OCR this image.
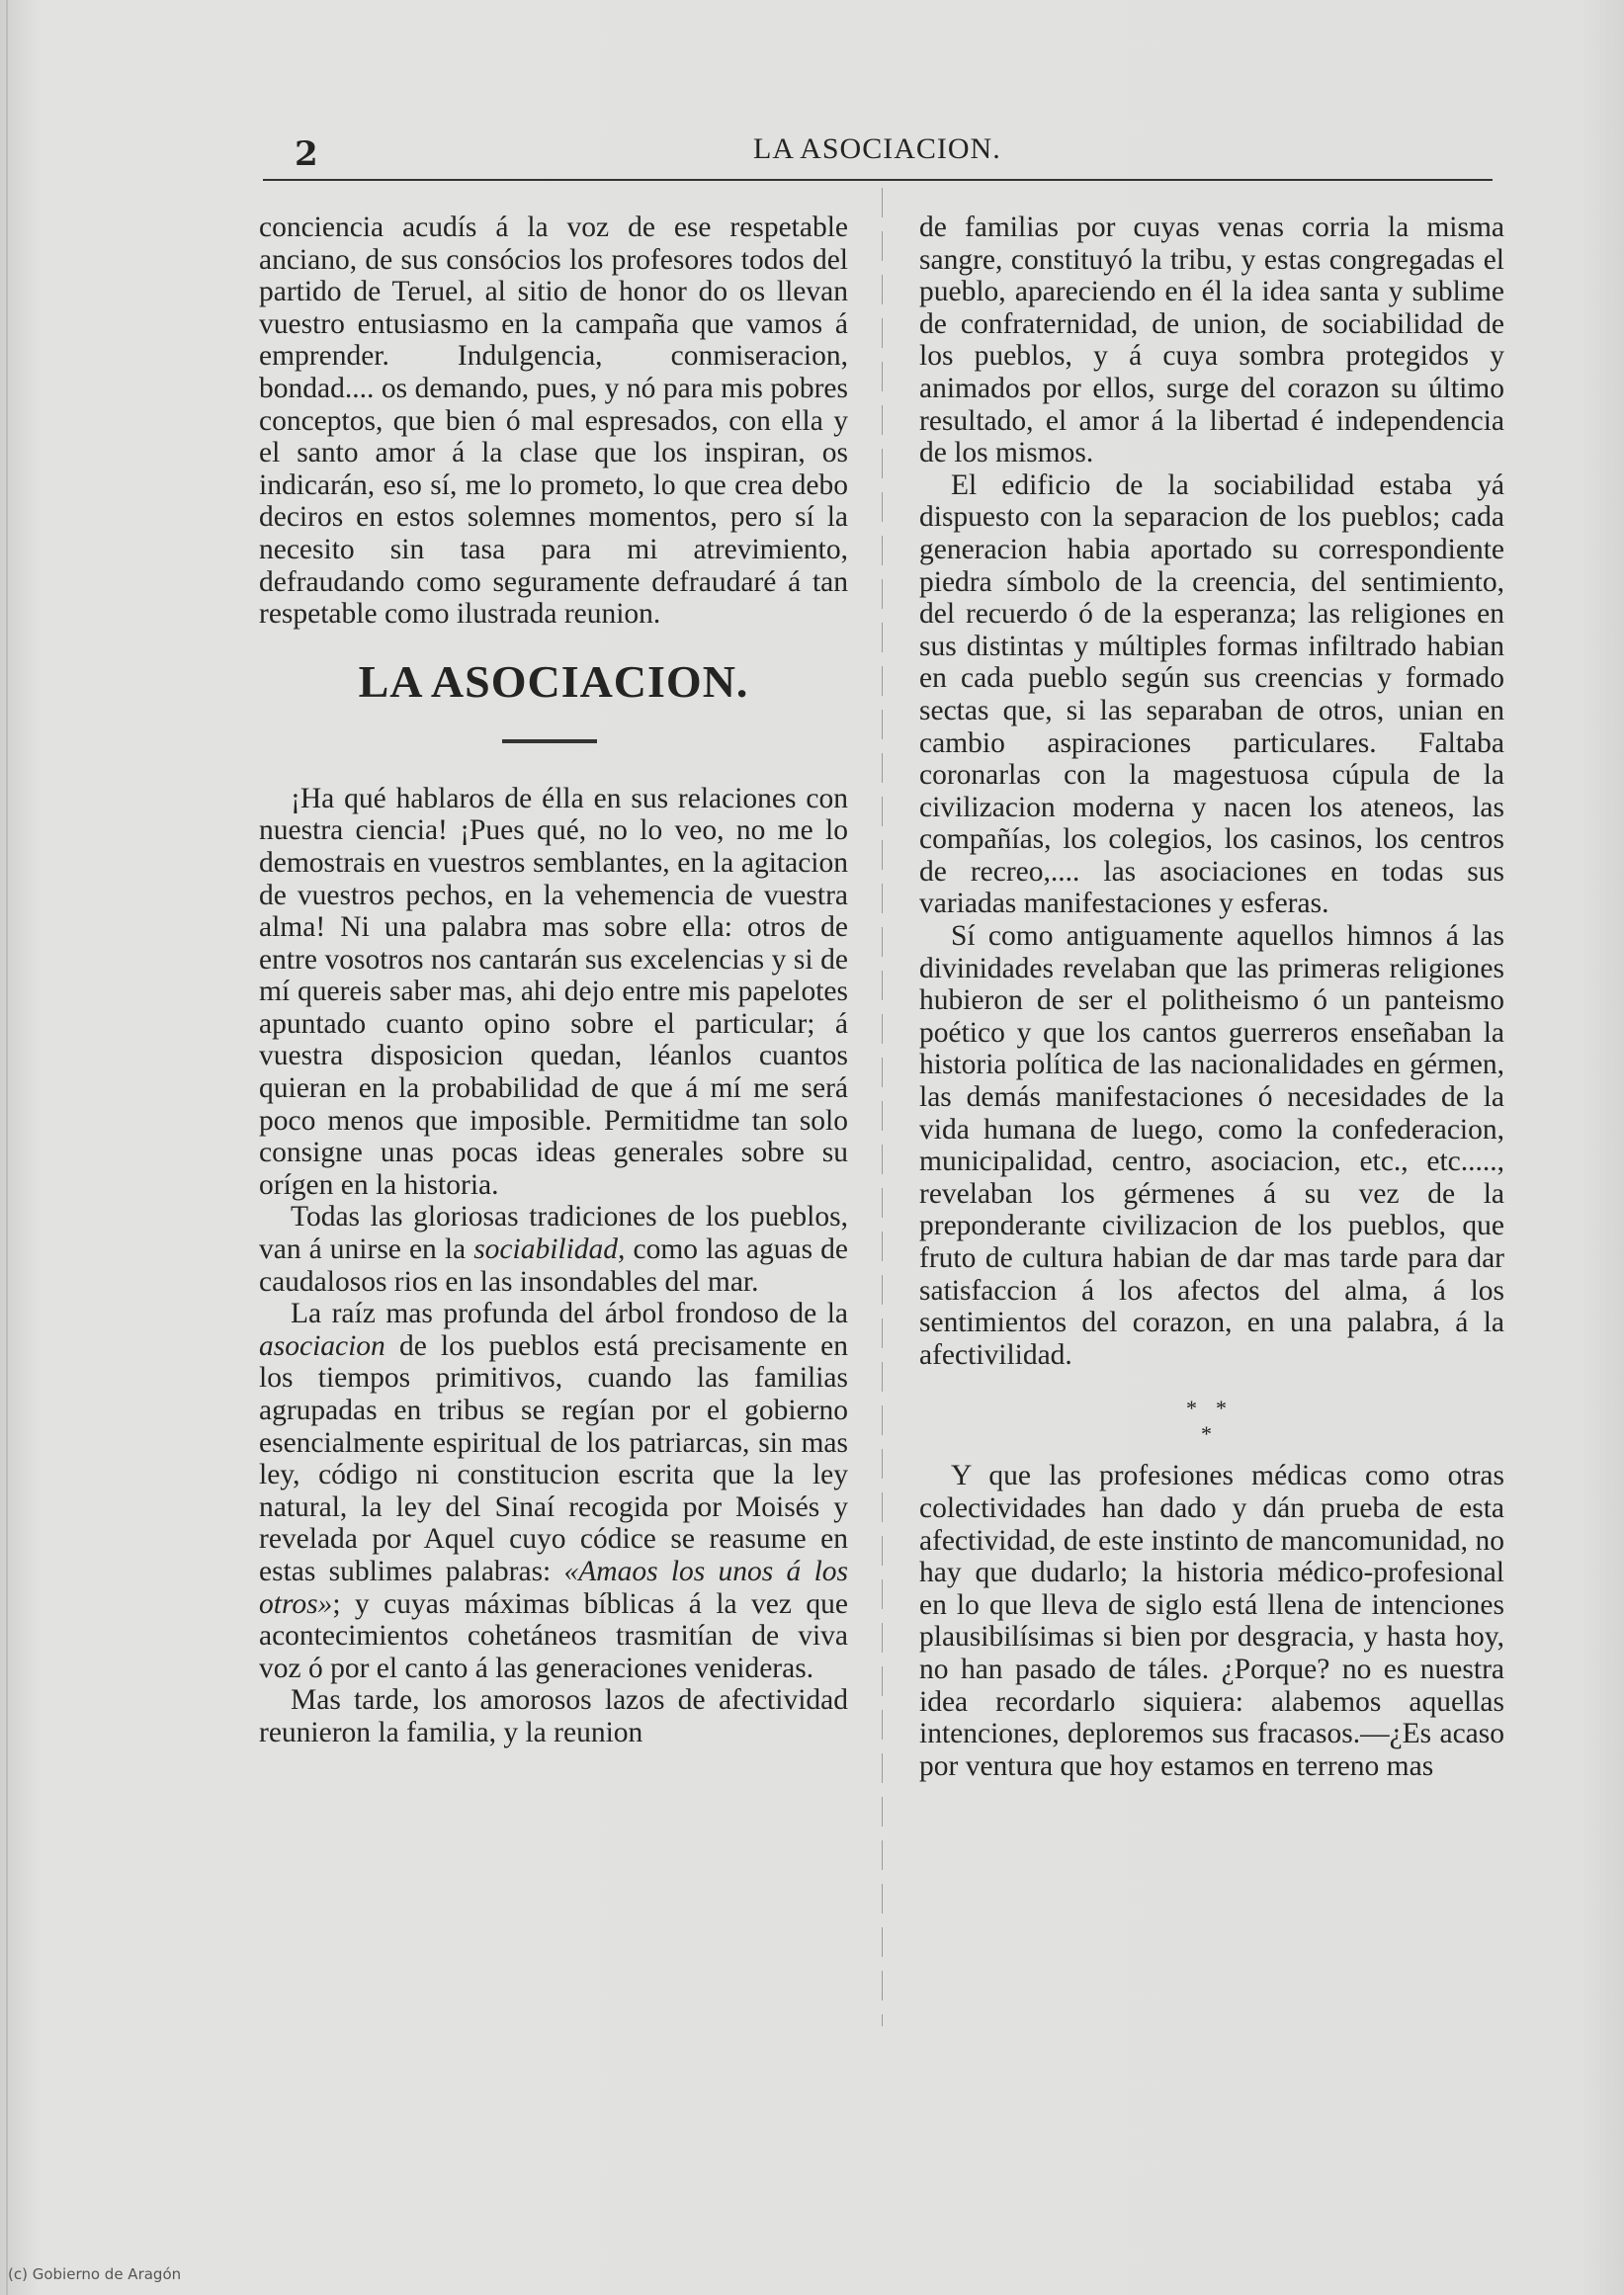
2	LA ASOCIACION.

conciencia acudís á la voz de ese respetable anciano, de sus consócios los profesores todos del partido de Teruel, al sitio de honor do os llevan vuestro entusiasmo en la campaña que vamos á emprender. Indulgencia, conmiseracion, bondad.... os demando, pues, y nó para mis pobres conceptos, que bien ó mal espresados, con ella y el santo amor á la clase que los inspiran, os indicarán, eso sí, me lo prometo, lo que crea debo deciros en estos solemnes momentos, pero sí la necesito sin tasa para mi atrevimiento, defraudando como seguramente defraudaré á tan respetable como ilustrada reunion.

LA ASOCIACION.

¡Ha qué hablaros de élla en sus relaciones con nuestra ciencia! ¡Pues qué, no lo veo, no me lo demostrais en vuestros semblantes, en la agitacion de vuestros pechos, en la vehemencia de vuestra alma! Ni una palabra mas sobre ella: otros de entre vosotros nos cantarán sus excelencias y si de mí quereis saber mas, ahi dejo entre mis papelotes apuntado cuanto opino sobre el particular; á vuestra disposicion quedan, léanlos cuantos quieran en la probabilidad de que á mí me será poco menos que imposible. Permitidme tan solo consigne unas pocas ideas generales sobre su orígen en la historia.

Todas las gloriosas tradiciones de los pueblos, van á unirse en la sociabilidad, como las aguas de caudalosos rios en las insondables del mar.

La raíz mas profunda del árbol frondoso de la asociacion de los pueblos está precisamente en los tiempos primitivos, cuando las familias agrupadas en tribus se regían por el gobierno esencialmente espiritual de los patriarcas, sin mas ley, código ni constitucion escrita que la ley natural, la ley del Sinaí recogida por Moisés y revelada por Aquel cuyo códice se reasume en estas sublimes palabras: «Amaos los unos á los otros»; y cuyas máximas bíblicas á la vez que acontecimientos cohetáneos trasmitían de viva voz ó por el canto á las generaciones venideras.

Mas tarde, los amorosos lazos de afectividad reunieron la familia, y la reunion

de familias por cuyas venas corria la misma sangre, constituyó la tribu, y estas congregadas el pueblo, apareciendo en él la idea santa y sublime de confraternidad, de union, de sociabilidad de los pueblos, y á cuya sombra protegidos y animados por ellos, surge del corazon su último resultado, el amor á la libertad é independencia de los mismos.

El edificio de la sociabilidad estaba yá dispuesto con la separacion de los pueblos; cada generacion habia aportado su correspondiente piedra símbolo de la creencia, del sentimiento, del recuerdo ó de la esperanza; las religiones en sus distintas y múltiples formas infiltrado habian en cada pueblo según sus creencias y formado sectas que, si las separaban de otros, unian en cambio aspiraciones particulares. Faltaba coronarlas con la magestuosa cúpula de la civilizacion moderna y nacen los ateneos, las compañías, los colegios, los casinos, los centros de recreo,.... las asociaciones en todas sus variadas manifestaciones y esferas.

Sí como antiguamente aquellos himnos á las divinidades revelaban que las primeras religiones hubieron de ser el politheismo ó un panteismo poético y que los cantos guerreros enseñaban la historia política de las nacionalidades en gérmen, las demás manifestaciones ó necesidades de la vida humana de luego, como la confederacion, municipalidad, centro, asociacion, etc., etc....., revelaban los gérmenes á su vez de la preponderante civilizacion de los pueblos, que fruto de cultura habian de dar mas tarde para dar satisfaccion á los afectos del alma, á los sentimientos del corazon, en una palabra, á la afectivilidad.

* *
*

Y que las profesiones médicas como otras colectividades han dado y dán prueba de esta afectividad, de este instinto de mancomunidad, no hay que dudarlo; la historia médico-profesional en lo que lleva de siglo está llena de intenciones plausibilísimas si bien por desgracia, y hasta hoy, no han pasado de táles. ¿Porque? no es nuestra idea recordarlo siquiera: alabemos aquellas intenciones, deploremos sus fracasos.—¿Es acaso por ventura que hoy estamos en terreno mas

(c) Gobierno de Aragón
